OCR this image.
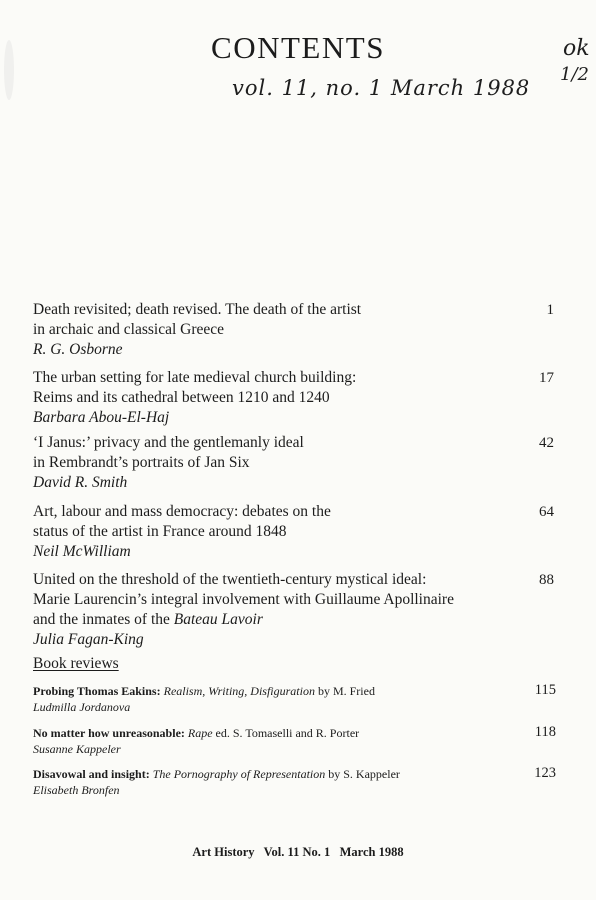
CONTENTS
vol. 11, no. 1 March 1988
ok
1/2
Death revisited; death revised. The death of the artist
in archaic and classical Greece
R. G. Osborne
1
The urban setting for late medieval church building:
Reims and its cathedral between 1210 and 1240
Barbara Abou-El-Haj
17
‘I Janus:’ privacy and the gentlemanly ideal
in Rembrandt’s portraits of Jan Six
David R. Smith
42
Art, labour and mass democracy: debates on the
status of the artist in France around 1848
Neil McWilliam
64
United on the threshold of the twentieth-century mystical ideal:
Marie Laurencin’s integral involvement with Guillaume Apollinaire
and the inmates of the Bateau Lavoir
Julia Fagan-King
88
Book reviews
Probing Thomas Eakins: Realism, Writing, Disfiguration by M. Fried
Ludmilla Jordanova
115
No matter how unreasonable: Rape ed. S. Tomaselli and R. Porter
Susanne Kappeler
118
Disavowal and insight: The Pornography of Representation by S. Kappeler
Elisabeth Bronfen
123
Art History   Vol. 11 No. 1   March 1988
